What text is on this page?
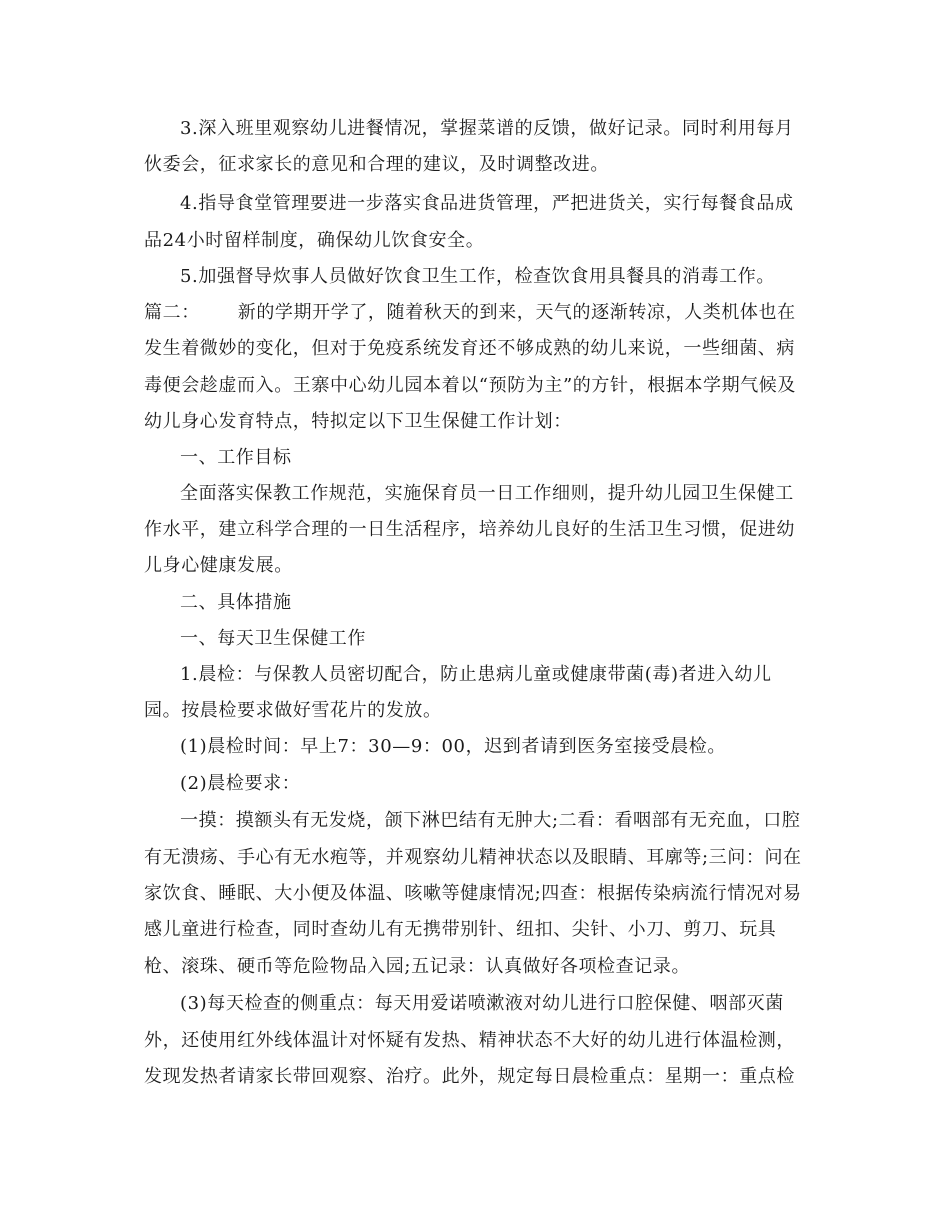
3.深入班里观察幼儿进餐情况，掌握菜谱的反馈，做好记录。同时利用每月
伙委会，征求家长的意见和合理的建议，及时调整改进。
4.指导食堂管理要进一步落实食品进货管理，严把进货关，实行每餐食品成
品24小时留样制度，确保幼儿饮食安全。
5.加强督导炊事人员做好饮食卫生工作，检查饮食用具餐具的消毒工作。
篇二：      新的学期开学了，随着秋天的到来，天气的逐渐转凉，人类机体也在
发生着微妙的变化，但对于免疫系统发育还不够成熟的幼儿来说，一些细菌、病
毒便会趁虚而入。王寨中心幼儿园本着以“预防为主”的方针，根据本学期气候及
幼儿身心发育特点，特拟定以下卫生保健工作计划：
一、工作目标
全面落实保教工作规范，实施保育员一日工作细则，提升幼儿园卫生保健工
作水平，建立科学合理的一日生活程序，培养幼儿良好的生活卫生习惯，促进幼
儿身心健康发展。
二、具体措施
一、每天卫生保健工作
1.晨检：与保教人员密切配合，防止患病儿童或健康带菌(毒)者进入幼儿
园。按晨检要求做好雪花片的发放。
(1)晨检时间：早上7：30—9：00，迟到者请到医务室接受晨检。
(2)晨检要求：
一摸：摸额头有无发烧，颌下淋巴结有无肿大;二看：看咽部有无充血，口腔
有无溃疡、手心有无水疱等，并观察幼儿精神状态以及眼睛、耳廓等;三问：问在
家饮食、睡眠、大小便及体温、咳嗽等健康情况;四查：根据传染病流行情况对易
感儿童进行检查，同时查幼儿有无携带别针、纽扣、尖针、小刀、剪刀、玩具
枪、滚珠、硬币等危险物品入园;五记录：认真做好各项检查记录。
(3)每天检查的侧重点：每天用爱诺喷漱液对幼儿进行口腔保健、咽部灭菌
外，还使用红外线体温计对怀疑有发热、精神状态不大好的幼儿进行体温检测，
发现发热者请家长带回观察、治疗。此外，规定每日晨检重点：星期一：重点检
